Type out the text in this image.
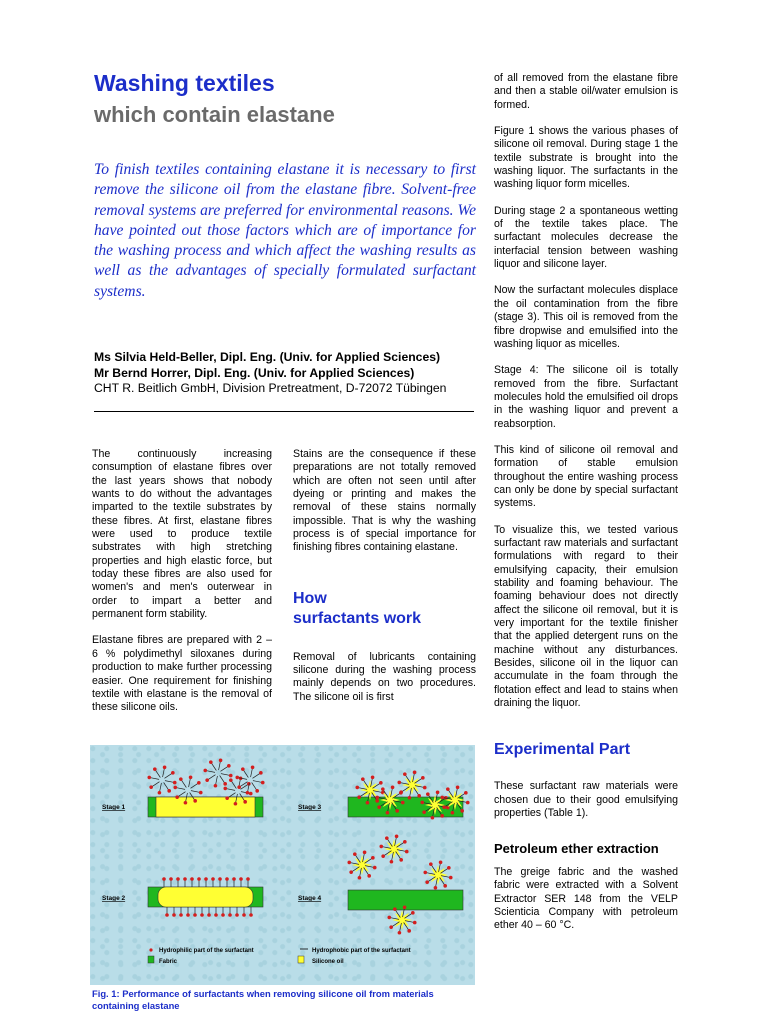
Washing textiles
which contain elastane
To finish textiles containing elastane it is necessary to first remove the silicone oil from the elastane fibre. Solvent-free removal systems are preferred for environmental reasons. We have pointed out those factors which are of importance for the washing process and which affect the washing results as well as the advantages of specially formulated surfactant systems.
Ms Silvia Held-Beller, Dipl. Eng. (Univ. for Applied Sciences)
Mr Bernd Horrer, Dipl. Eng. (Univ. for Applied Sciences)
CHT R. Beitlich GmbH, Division Pretreatment, D-72072 Tübingen

The continuously increasing consumption of elastane fibres over the last years shows that nobody wants to do without the advantages imparted to the textile substrates by these fibres. At first, elastane fibres were used to produce textile substrates with high stretching properties and high elastic force, but today these fibres are also used for women's and men's outerwear in order to impart a better and permanent form stability.

Elastane fibres are prepared with 2 – 6 % polydimethyl siloxanes during production to make further processing easier. One requirement for finishing textile with elastane is the removal of these silicone oils.

Stains are the consequence if these preparations are not totally removed which are often not seen until after dyeing or printing and makes the removal of these stains normally impossible. That is why the washing process is of special importance for finishing fibres containing elastane.

How
surfactants work

Removal of lubricants containing silicone during the washing process mainly depends on two procedures. The silicone oil is first

of all removed from the elastane fibre and then a stable oil/water emulsion is formed.

Figure 1 shows the various phases of silicone oil removal. During stage 1 the textile substrate is brought into the washing liquor. The surfactants in the washing liquor form micelles.

During stage 2 a spontaneous wetting of the textile takes place. The surfactant molecules decrease the interfacial tension between washing liquor and silicone layer.

Now the surfactant molecules displace the oil contamination from the fibre (stage 3). This oil is removed from the fibre dropwise and emulsified into the washing liquor as micelles.

Stage 4: The silicone oil is totally removed from the fibre. Surfactant molecules hold the emulsified oil drops in the washing liquor and prevent a reabsorption.

This kind of silicone oil removal and formation of stable emulsion throughout the entire washing process can only be done by special surfactant systems.

To visualize this, we tested various surfactant raw materials and surfactant formulations with regard to their emulsifying capacity, their emulsion stability and foaming behaviour. The foaming behaviour does not directly affect the silicone oil removal, but it is very important for the textile finisher that the applied detergent runs on the machine without any disturbances. Besides, silicone oil in the liquor can accumulate in the foam through the flotation effect and lead to stains when draining the liquor.

Experimental Part

These surfactant raw materials were chosen due to their good emulsifying properties (Table 1).

Petroleum ether extraction

The greige fabric and the washed fabric were extracted with a Solvent Extractor SER 148 from the VELP Scienticia Company with petroleum ether 40 – 60 °C.

Stage 1	Stage 3
Stage 2	Stage 4
Hydrophilic part of the surfactant	Hydrophobic part of the surfactant
Fabric	Silicone oil
Fig. 1: Performance of surfactants when removing silicone oil from materials containing elastane
